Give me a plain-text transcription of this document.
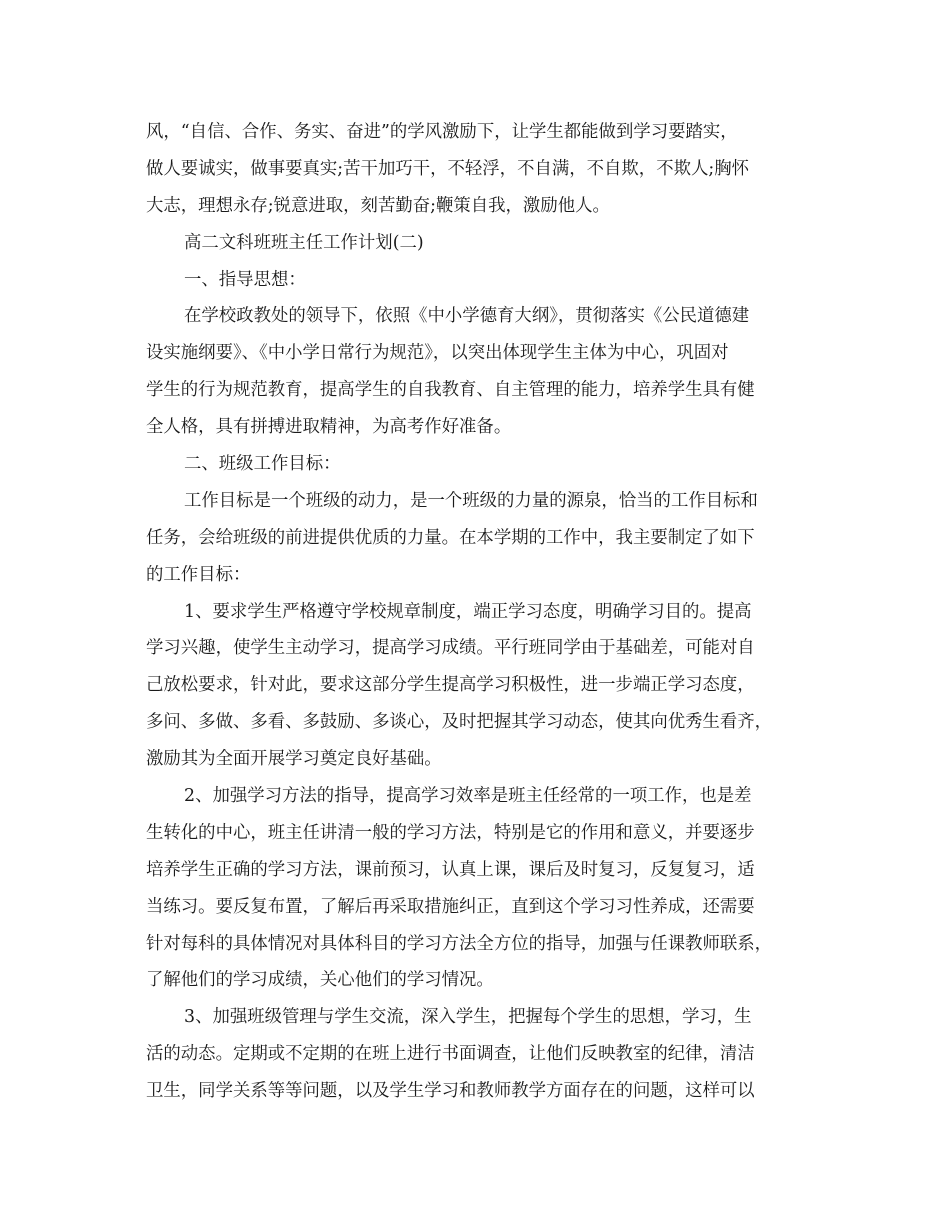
风，“自信、合作、务实、奋进”的学风激励下，让学生都能做到学习要踏实，
做人要诚实，做事要真实;苦干加巧干，不轻浮，不自满，不自欺，不欺人;胸怀
大志，理想永存;锐意进取，刻苦勤奋;鞭策自我，激励他人。
高二文科班班主任工作计划(二)
一、指导思想：
在学校政教处的领导下，依照《中小学德育大纲》，贯彻落实《公民道德建
设实施纲要》、《中小学日常行为规范》，以突出体现学生主体为中心，巩固对
学生的行为规范教育，提高学生的自我教育、自主管理的能力，培养学生具有健
全人格，具有拼搏进取精神，为高考作好准备。
二、班级工作目标：
工作目标是一个班级的动力，是一个班级的力量的源泉，恰当的工作目标和
任务，会给班级的前进提供优质的力量。在本学期的工作中，我主要制定了如下
的工作目标：
1、要求学生严格遵守学校规章制度，端正学习态度，明确学习目的。提高
学习兴趣，使学生主动学习，提高学习成绩。平行班同学由于基础差，可能对自
己放松要求，针对此，要求这部分学生提高学习积极性，进一步端正学习态度，
多问、多做、多看、多鼓励、多谈心，及时把握其学习动态，使其向优秀生看齐，
激励其为全面开展学习奠定良好基础。
2、加强学习方法的指导，提高学习效率是班主任经常的一项工作，也是差
生转化的中心，班主任讲清一般的学习方法，特别是它的作用和意义，并要逐步
培养学生正确的学习方法，课前预习，认真上课，课后及时复习，反复复习，适
当练习。要反复布置，了解后再采取措施纠正，直到这个学习习性养成，还需要
针对每科的具体情况对具体科目的学习方法全方位的指导，加强与任课教师联系，
了解他们的学习成绩，关心他们的学习情况。
3、加强班级管理与学生交流，深入学生，把握每个学生的思想，学习，生
活的动态。定期或不定期的在班上进行书面调查，让他们反映教室的纪律，清洁
卫生，同学关系等等问题，以及学生学习和教师教学方面存在的问题，这样可以
